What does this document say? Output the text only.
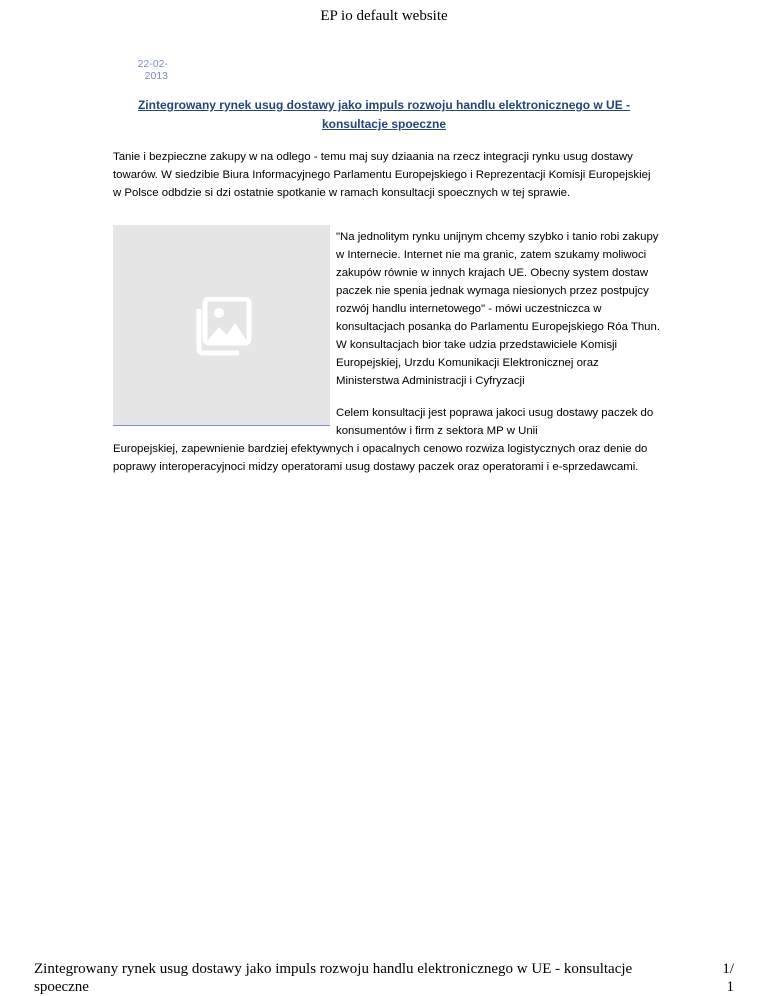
EP io default website
22-02-
2013
Zintegrowany rynek usug dostawy jako impuls rozwoju handlu elektronicznego w UE - konsultacje spoeczne
Tanie i bezpieczne zakupy w na odlego - temu maj suy dziaania na rzecz integracji rynku usug dostawy towarów. W siedzibie Biura Informacyjnego Parlamentu Europejskiego i Reprezentacji Komisji Europejskiej w Polsce odbdzie si dzi ostatnie spotkanie w ramach konsultacji spoecznych w tej sprawie.
"Na jednolitym rynku unijnym chcemy szybko i tanio robi zakupy w Internecie. Internet nie ma granic, zatem szukamy moliwoci zakupów równie w innych krajach UE. Obecny system dostaw paczek nie spenia jednak wymaga niesionych przez postpujcy rozwój handlu internetowego" - mówi uczestniczca w konsultacjach posanka do Parlamentu Europejskiego Róa Thun. W konsultacjach bior take udzia przedstawiciele Komisji Europejskiej, Urzdu Komunikacji Elektronicznej oraz Ministerstwa Administracji i Cyfryzacji
Celem konsultacji jest poprawa jakoci usug dostawy paczek do konsumentów i firm z sektora MP w Unii
Europejskiej, zapewnienie bardziej efektywnych i opacalnych cenowo rozwiza logistycznych oraz denie do poprawy interoperacyjnoci midzy operatorami usug dostawy paczek oraz operatorami i e-sprzedawcami.
Zintegrowany rynek usug dostawy jako impuls rozwoju handlu elektronicznego w UE - konsultacje spoeczne
1/ 1
